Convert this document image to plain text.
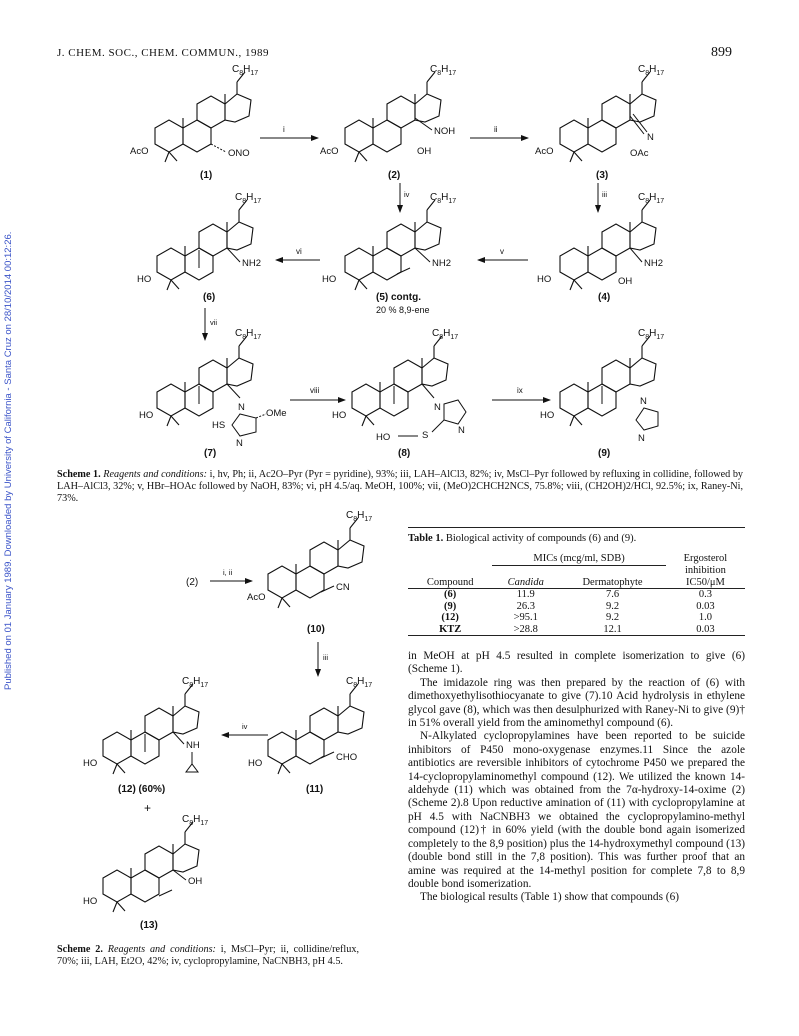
Published on 01 January 1989. Downloaded by University of California - Santa Cruz on 28/10/2014 00:12:26.
J. CHEM. SOC., CHEM. COMMUN., 1989	899
$C_8H_{17}$
AcO	ONO
(1)
i
$C_8H_{17}$
AcO
NOH
OH
(2)
ii
$C_8H_{17}$
AcO
N
OAc
(3)
iv	iii
$C_8H_{17}$
HO
NH2
(6)
vi
$C_8H_{17}$
HO
NH2
(5) contg.
20 % 8,9-ene
v
$C_8H_{17}$
HO
NH2
OH
(4)
vii
$C_8H_{17}$
HO
N
HS
N
OMe
(7)
viii
$C_8H_{17}$
HO
N
N
S
HO
(8)
ix
$C_8H_{17}$
HO
N
N
(9)
(2)
i, ii
$C_8H_{17}$
AcO
CN
(10)
iii
$C_8H_{17}$
HO
CHO
(11)
iv
$C_8H_{17}$
HO
NH
(12) (60%)
+
$C_8H_{17}$
HO
OH
(13)
Scheme 1. Reagents and conditions: i, hv, Ph; ii, Ac2O–Pyr (Pyr = pyridine), 93%; iii, LAH–AlCl3, 82%; iv, MsCl–Pyr followed by refluxing in collidine, followed by LAH–AlCl3, 32%; v, HBr–HOAc followed by NaOH, 83%; vi, pH 4.5/aq. MeOH, 100%; vii, (MeO)2CHCH2NCS, 75.8%; viii, (CH2OH)2/HCl, 92.5%; ix, Raney-Ni, 73%.
Scheme 2. Reagents and conditions: i, MsCl–Pyr; ii, collidine/reflux, 70%; iii, LAH, Et2O, 42%; iv, cyclopropylamine, NaCNBH3, pH 4.5.
Table 1. Biological activity of compounds (6) and (9).
	MICs (mcg/ml, SDB)		Ergosterol
			inhibition
Compound	Candida	Dermatophyte	IC50/μM
(6)	11.9	7.6	0.3
(9)	26.3	9.2	0.03
(12)	>95.1	9.2	1.0
KTZ	>28.8	12.1	0.03

in MeOH at pH 4.5 resulted in complete isomerization to give (6) (Scheme 1).

The imidazole ring was then prepared by the reaction of (6) with dimethoxyethylisothiocyanate to give (7).10 Acid hydrolysis in ethylene glycol gave (8), which was then desulphurized with Raney-Ni to give (9)† in 51% overall yield from the aminomethyl compound (6).

N-Alkylated cyclopropylamines have been reported to be suicide inhibitors of P450 mono-oxygenase enzymes.11 Since the azole antibiotics are reversible inhibitors of cytochrome P450 we prepared the 14-cyclopropylaminomethyl compound (12). We utilized the known 14-aldehyde (11) which was obtained from the 7α-hydroxy-14-oxime (2) (Scheme 2).8 Upon reductive amination of (11) with cyclopropylamine at pH 4.5 with NaCNBH3 we obtained the cyclopropylamino-methyl compound (12)† in 60% yield (with the double bond again isomerized completely to the 8,9 position) plus the 14-hydroxymethyl compound (13) (double bond still in the 7,8 position). This was further proof that an amine was required at the 14-methyl position for complete 7,8 to 8,9 double bond isomerization.

The biological results (Table 1) show that compounds (6)
